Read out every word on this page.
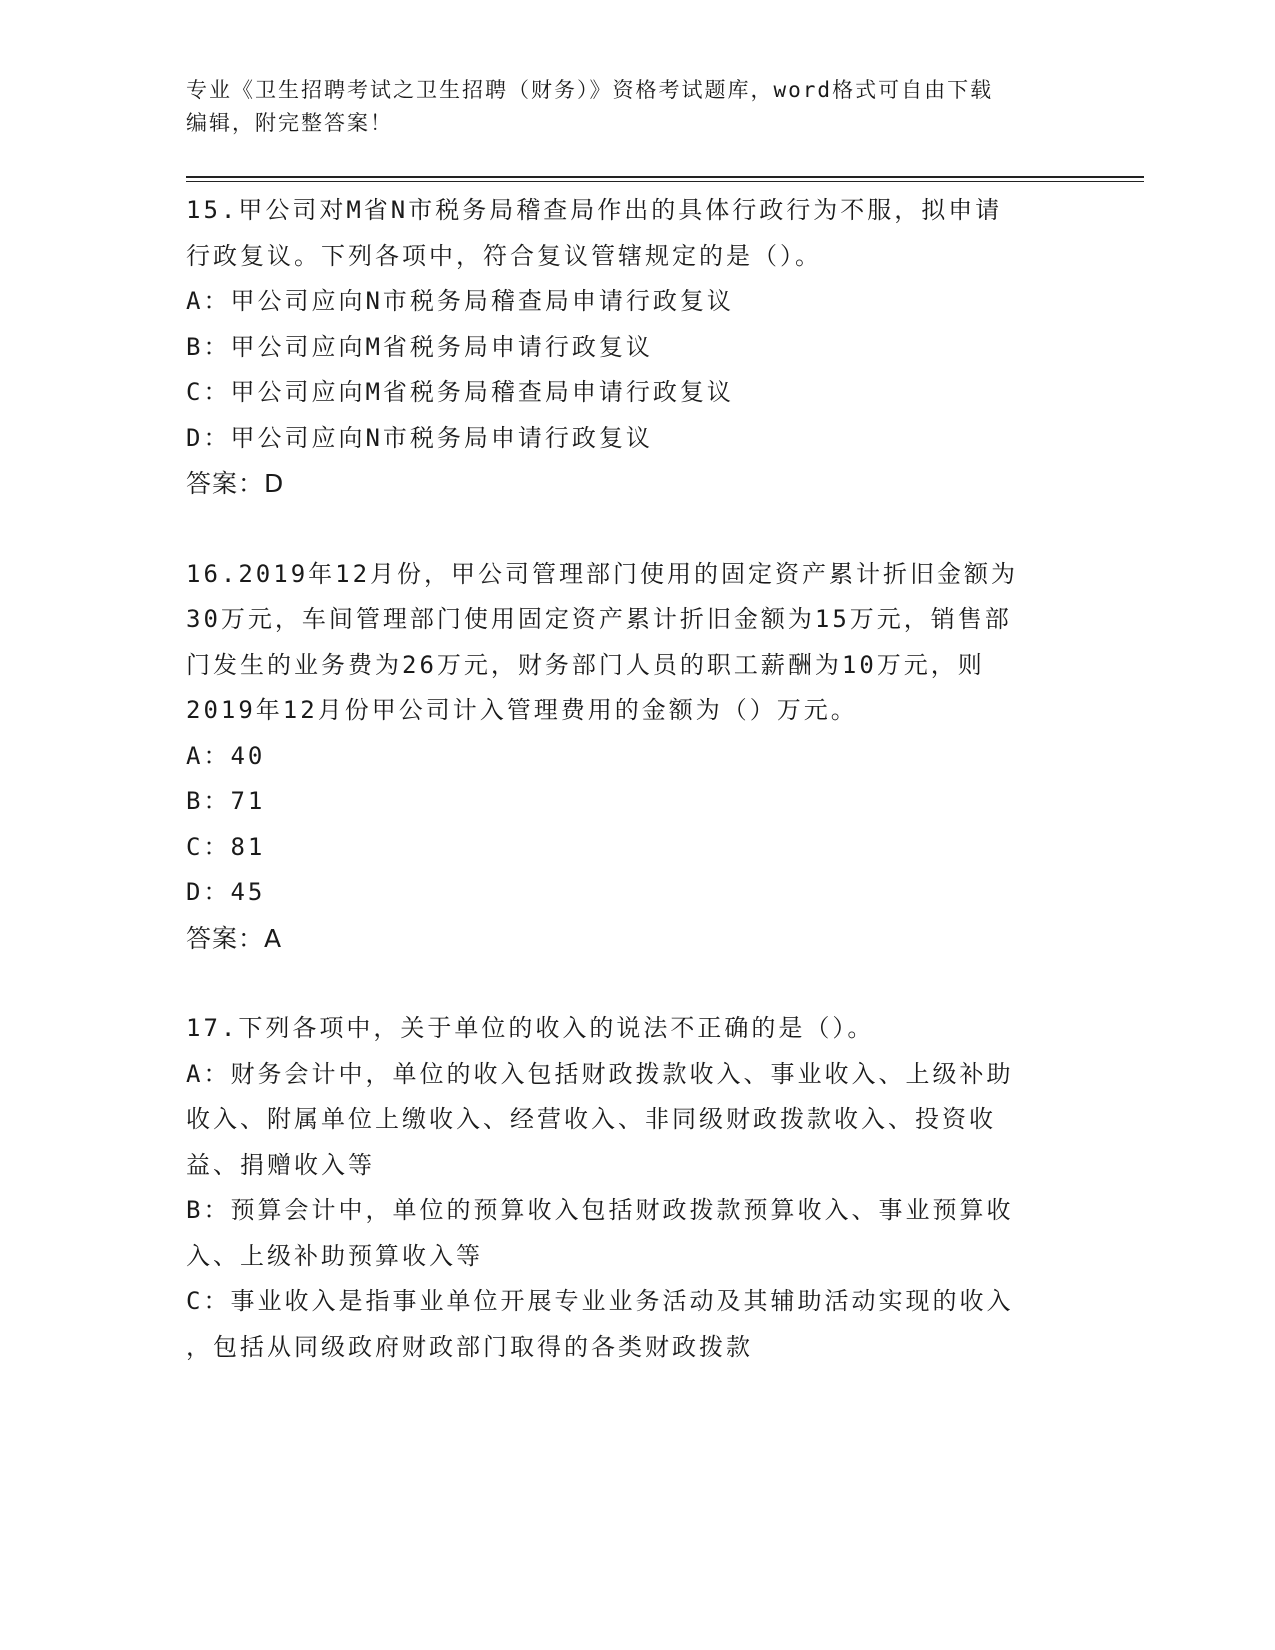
专业《卫生招聘考试之卫生招聘（财务）》资格考试题库，word格式可自由下载
编辑，附完整答案！
15.甲公司对M省N市税务局稽查局作出的具体行政行为不服，拟申请
行政复议。下列各项中，符合复议管辖规定的是（）。
A：甲公司应向N市税务局稽查局申请行政复议
B：甲公司应向M省税务局申请行政复议
C：甲公司应向M省税务局稽查局申请行政复议
D：甲公司应向N市税务局申请行政复议
答案：D
16.2019年12月份，甲公司管理部门使用的固定资产累计折旧金额为
30万元，车间管理部门使用固定资产累计折旧金额为15万元，销售部
门发生的业务费为26万元，财务部门人员的职工薪酬为10万元，则
2019年12月份甲公司计入管理费用的金额为（）万元。
A：40
B：71
C：81
D：45
答案：A
17.下列各项中，关于单位的收入的说法不正确的是（）。
A：财务会计中，单位的收入包括财政拨款收入、事业收入、上级补助
收入、附属单位上缴收入、经营收入、非同级财政拨款收入、投资收
益、捐赠收入等
B：预算会计中，单位的预算收入包括财政拨款预算收入、事业预算收
入、上级补助预算收入等
C：事业收入是指事业单位开展专业业务活动及其辅助活动实现的收入
，包括从同级政府财政部门取得的各类财政拨款
